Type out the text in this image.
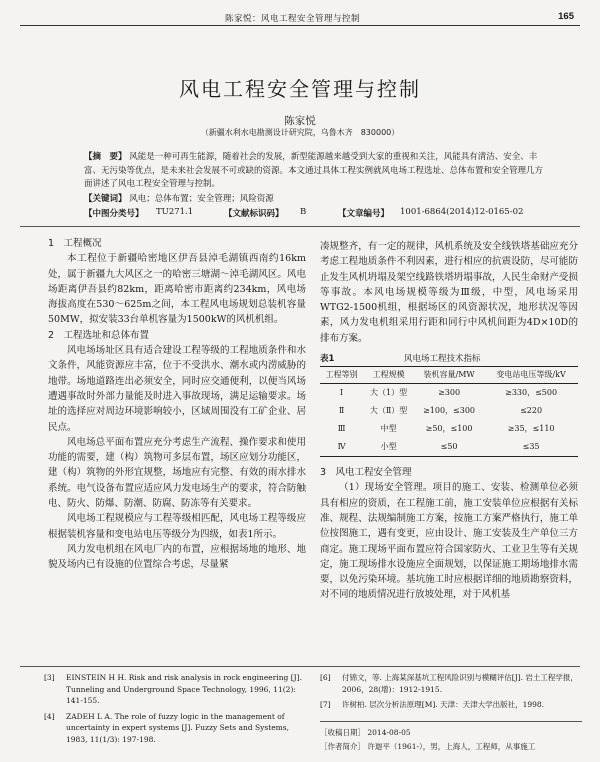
陈家悦：风电工程安全管理与控制	165
风电工程安全管理与控制
陈家悦
（新疆水利水电勘测设计研究院，乌鲁木齐　830000）
【摘　要】 风能是一种可再生能源，随着社会的发展，新型能源越来越受到大家的重视和关注，风能具有清洁、安全、丰富、无污染等优点，是未来社会发展不可或缺的资源。本文通过具体工程实例就风电场工程选址、总体布置和安全管理几方面讲述了风电工程安全管理与控制。
【关键词】 风电；总体布置；安全管理；风险资源
【中图分类号】 TU271.1	【文献标识码】 B	【文章编号】 1001-6864(2014)12-0165-02
1　工程概况

本工程位于新疆哈密地区伊吾县淖毛湖镇西南约16km处，属于新疆九大风区之一的哈密三塘湖～淖毛湖风区。风电场距离伊吾县约82km，距离哈密市距离约234km，风电场海拔高度在530～625m之间，本工程风电场规划总装机容量50MW，拟安装33台单机容量为1500kW的风机机组。

2　工程选址和总体布置

风电场场址区具有适合建设工程等级的工程地质条件和水文条件，风能资源应丰富，位于不受洪水、潮水或内涝威胁的地带。场地道路连出必须安全，同时应交通便利，以便当风场遭遇事故时外部力量能及时进入事故现场，满足运输要求。场址的选择应对周边环境影响较小，区域周围没有工矿企业、居民点。

风电场总平面布置应充分考虑生产流程、操作要求和使用功能的需要，建（构）筑物可多层布置，场区应划分功能区，建（构）筑物的外形宜规整，场地应有完整、有效的雨水排水系统。电气设备布置应适应风力发电场生产的要求，符合防触电、防火、防爆、防潮、防腐、防冻等有关要求。

风电场工程规模应与工程等级相匹配，风电场工程等级应根据装机容量和变电站电压等级分为四级，如表1所示。

风力发电机组在风电厂内的布置，应根据场地的地形、地貌及场内已有设施的位置综合考虑，尽量紧

凑规整齐，有一定的规律，风机系统及安全线铁塔基础应充分考虑工程地质条件不利因素，进行相应的抗震设防，尽可能防止发生风机坍塌及架空线路铁塔坍塌事故，人民生命财产受损等事故。本风电场规模等级为Ⅲ级，中型，风电场采用WTG2-1500机组，根据场区的风资源状况，地形状况等因素，风力发电机组采用行距和同行中风机间距为4D×10D的排布方案。

表1	风电场工程技术指标
工程等别	工程规模	装机容量/MW	变电站电压等级/kV
Ⅰ	大（1）型	≥300	≥330，≤500
Ⅱ	大（Ⅱ）型	≥100，≤300	≤220
Ⅲ	中型	≥50，≤100	≥35，≤110
Ⅳ	小型	≤50	≤35
3　风电工程安全管理

（1）现场安全管理。项目的施工、安装、检测单位必须具有相应的资质，在工程施工前，施工安装单位应根据有关标准、规程、法规编制施工方案，按施工方案严格执行，施工单位按图施工，遇有变更，应由设计、施工安装及生产单位三方商定。施工现场平面布置应符合国家防火、工业卫生等有关规定，施工现场排水设施应全面规划，以保证施工期场地排水需要，以免污染环境。基坑施工时应根据详细的地质勘察资料，对不同的地质情况进行放坡处理，对于风机基

[3] EINSTEIN H H. Risk and risk analysis in rock engineering [J]. Tunneling and Underground Space Technology, 1996, 11(2): 141-155.
[4] ZADEH L A. The role of fuzzy logic in the management of uncertainty in expert systems [J]. Fuzzy Sets and Systems, 1983, 11(1/3): 197-198.
[6] 付锦文，等. 上海某深基坑工程风险识别与模糊评估[J]. 岩土工程学报，2006，28(增)：1912-1915.
[7] 许树柏. 层次分析法原理[M]. 天津：天津大学出版社，1998.
［收稿日期］ 2014-08-05
［作者简介］ 许迦平（1961-），男，上海人，工程师，从事施工
